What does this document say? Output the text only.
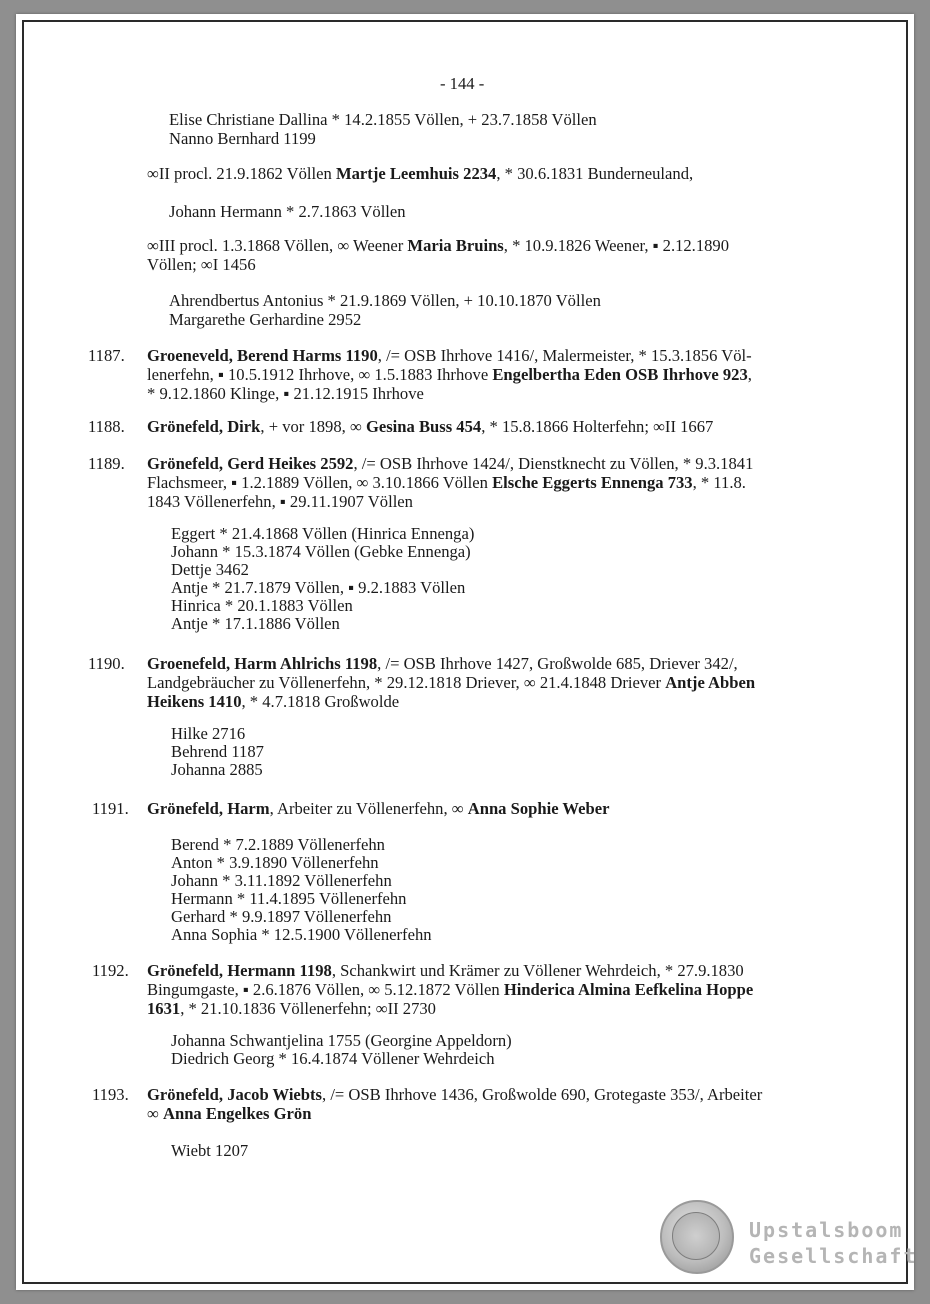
- 144 -
Elise Christiane Dallina * 14.2.1855 Völlen, + 23.7.1858 Völlen
Nanno Bernhard 1199
∞II procl. 21.9.1862 Völlen Martje Leemhuis 2234, * 30.6.1831 Bunderneuland,
Johann Hermann * 2.7.1863 Völlen
∞III procl. 1.3.1868 Völlen, ∞ Weener Maria Bruins, * 10.9.1826 Weener, ▪ 2.12.1890
Völlen; ∞I 1456
Ahrendbertus Antonius * 21.9.1869 Völlen, + 10.10.1870 Völlen
Margarethe Gerhardine 2952
1187. Groeneveld, Berend Harms 1190, /= OSB Ihrhove 1416/, Malermeister, * 15.3.1856 Völ-
lenerfehn, ▪ 10.5.1912 Ihrhove, ∞ 1.5.1883 Ihrhove Engelbertha Eden OSB Ihrhove 923,
* 9.12.1860 Klinge, ▪ 21.12.1915 Ihrhove
1188. Grönefeld, Dirk, + vor 1898, ∞ Gesina Buss 454, * 15.8.1866 Holterfehn; ∞II 1667
1189. Grönefeld, Gerd Heikes 2592, /= OSB Ihrhove 1424/, Dienstknecht zu Völlen, * 9.3.1841
Flachsmeer, ▪ 1.2.1889 Völlen, ∞ 3.10.1866 Völlen Elsche Eggerts Ennenga 733, * 11.8.
1843 Völlenerfehn, ▪ 29.11.1907 Völlen
Eggert * 21.4.1868 Völlen (Hinrica Ennenga)
Johann * 15.3.1874 Völlen (Gebke Ennenga)
Dettje 3462
Antje * 21.7.1879 Völlen, ▪ 9.2.1883 Völlen
Hinrica * 20.1.1883 Völlen
Antje * 17.1.1886 Völlen
1190. Groenefeld, Harm Ahlrichs 1198, /= OSB Ihrhove 1427, Großwolde 685, Driever 342/,
Landgebräucher zu Völlenerfehn, * 29.12.1818 Driever, ∞ 21.4.1848 Driever Antje Abben
Heikens 1410, * 4.7.1818 Großwolde
Hilke 2716
Behrend 1187
Johanna 2885
1191. Grönefeld, Harm, Arbeiter zu Völlenerfehn, ∞ Anna Sophie Weber
Berend * 7.2.1889 Völlenerfehn
Anton * 3.9.1890 Völlenerfehn
Johann * 3.11.1892 Völlenerfehn
Hermann * 11.4.1895 Völlenerfehn
Gerhard * 9.9.1897 Völlenerfehn
Anna Sophia * 12.5.1900 Völlenerfehn
1192. Grönefeld, Hermann 1198, Schankwirt und Krämer zu Völlener Wehrdeich, * 27.9.1830
Bingumgaste, ▪ 2.6.1876 Völlen, ∞ 5.12.1872 Völlen Hinderica Almina Eefkelina Hoppe
1631, * 21.10.1836 Völlenerfehn; ∞II 2730
Johanna Schwantjelina 1755 (Georgine Appeldorn)
Diedrich Georg * 16.4.1874 Völlener Wehrdeich
1193. Grönefeld, Jacob Wiebts, /= OSB Ihrhove 1436, Großwolde 690, Grotegaste 353/, Arbeiter
∞ Anna Engelkes Grön
Wiebt 1207
Upstalsboom
Gesellschaft
